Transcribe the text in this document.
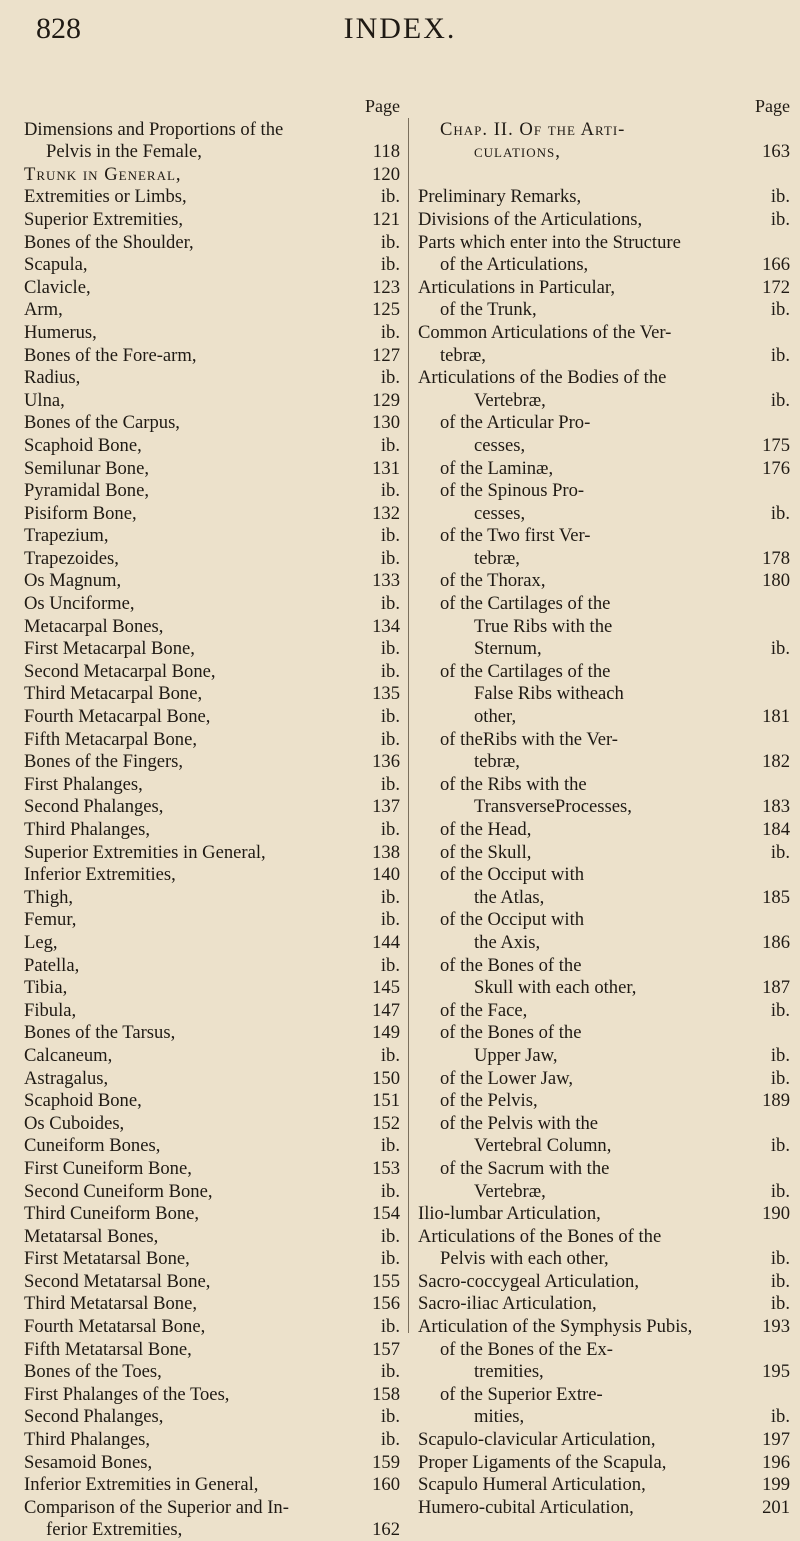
828	INDEX.
Page
Dimensions and Proportions of the
Pelvis in the Female,	118
Trunk in General,	120
Extremities or Limbs,	ib.
Superior Extremities,	121
Bones of the Shoulder,	ib.
Scapula,	ib.
Clavicle,	123
Arm,	125
Humerus,	ib.
Bones of the Fore-arm,	127
Radius,	ib.
Ulna,	129
Bones of the Carpus,	130
Scaphoid Bone,	ib.
Semilunar Bone,	131
Pyramidal Bone,	ib.
Pisiform Bone,	132
Trapezium,	ib.
Trapezoides,	ib.
Os Magnum,	133
Os Unciforme,	ib.
Metacarpal Bones,	134
First Metacarpal Bone,	ib.
Second Metacarpal Bone,	ib.
Third Metacarpal Bone,	135
Fourth Metacarpal Bone,	ib.
Fifth Metacarpal Bone,	ib.
Bones of the Fingers,	136
First Phalanges,	ib.
Second Phalanges,	137
Third Phalanges,	ib.
Superior Extremities in General,	138
Inferior Extremities,	140
Thigh,	ib.
Femur,	ib.
Leg,	144
Patella,	ib.
Tibia,	145
Fibula,	147
Bones of the Tarsus,	149
Calcaneum,	ib.
Astragalus,	150
Scaphoid Bone,	151
Os Cuboides,	152
Cuneiform Bones,	ib.
First Cuneiform Bone,	153
Second Cuneiform Bone,	ib.
Third Cuneiform Bone,	154
Metatarsal Bones,	ib.
First Metatarsal Bone,	ib.
Second Metatarsal Bone,	155
Third Metatarsal Bone,	156
Fourth Metatarsal Bone,	ib.
Fifth Metatarsal Bone,	157
Bones of the Toes,	ib.
First Phalanges of the Toes,	158
Second Phalanges,	ib.
Third Phalanges,	ib.
Sesamoid Bones,	159
Inferior Extremities in General,	160
Comparison of the Superior and In-
ferior Extremities,	162
Page
Chap. II. Of the Arti-
culations,	163
Preliminary Remarks,	ib.
Divisions of the Articulations,	ib.
Parts which enter into the Structure
of the Articulations,	166
Articulations in Particular,	172
of the Trunk,	ib.
Common Articulations of the Ver-
tebræ,	ib.
Articulations of the Bodies of the
Vertebræ,	ib.
of the Articular Pro-
cesses,	175
of the Laminæ,	176
of the Spinous Pro-
cesses,	ib.
of the Two first Ver-
tebræ,	178
of the Thorax,	180
of the Cartilages of the
True Ribs with the
Sternum,	ib.
of the Cartilages of the
False Ribs witheach
other,	181
of theRibs with the Ver-
tebræ,	182
of the Ribs with the
TransverseProcesses,	183
of the Head,	184
of the Skull,	ib.
of the Occiput with
the Atlas,	185
of the Occiput with
the Axis,	186
of the Bones of the
Skull with each other,	187
of the Face,	ib.
of the Bones of the
Upper Jaw,	ib.
of the Lower Jaw,	ib.
of the Pelvis,	189
of the Pelvis with the
Vertebral Column,	ib.
of the Sacrum with the
Vertebræ,	ib.
Ilio-lumbar Articulation,	190
Articulations of the Bones of the
Pelvis with each other,	ib.
Sacro-coccygeal Articulation,	ib.
Sacro-iliac Articulation,	ib.
Articulation of the Symphysis Pubis,	193
of the Bones of the Ex-
tremities,	195
of the Superior Extre-
mities,	ib.
Scapulo-clavicular Articulation,	197
Proper Ligaments of the Scapula,	196
Scapulo Humeral Articulation,	199
Humero-cubital Articulation,	201
